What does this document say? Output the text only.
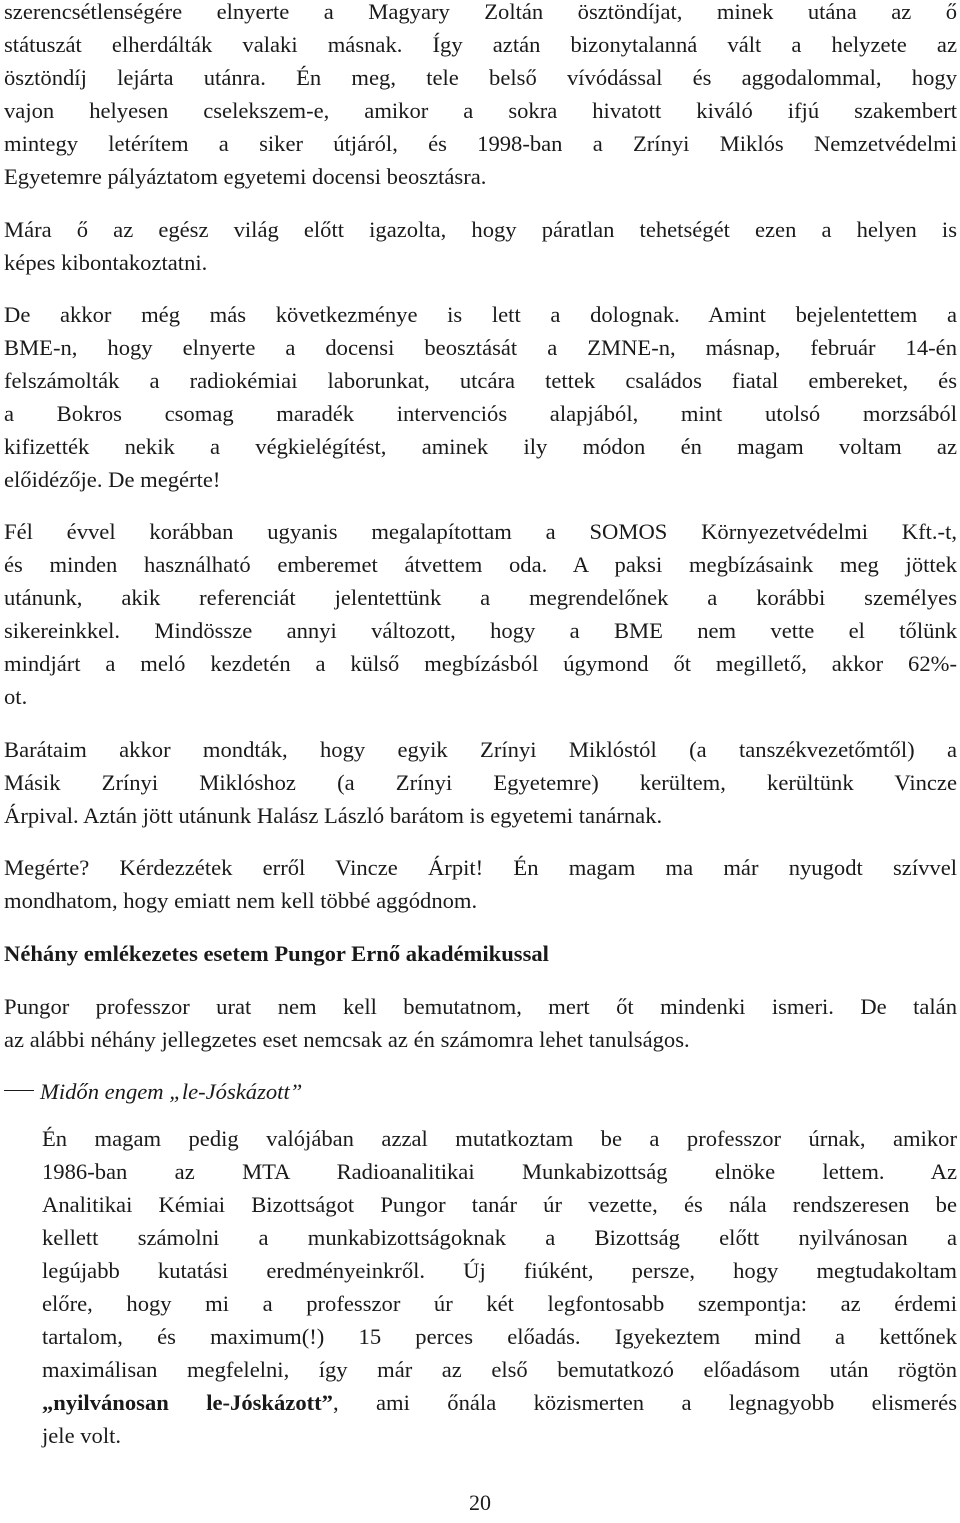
szerencsétlenségére elnyerte a Magyary Zoltán ösztöndíjat, minek utána az ő
státuszát elherdálták valaki másnak. Így aztán bizonytalanná vált a helyzete az
ösztöndíj lejárta utánra. Én meg, tele belső vívódással és aggodalommal, hogy
vajon helyesen cselekszem-e, amikor a sokra hivatott kiváló ifjú szakembert
mintegy letérítem a siker útjáról, és 1998-ban a Zrínyi Miklós Nemzetvédelmi
Egyetemre pályáztatom egyetemi docensi beosztásra.
Mára ő az egész világ előtt igazolta, hogy páratlan tehetségét ezen a helyen is
képes kibontakoztatni.
De akkor még más következménye is lett a dolognak. Amint bejelentettem a
BME-n, hogy elnyerte a docensi beosztását a ZMNE-n, másnap, február 14-én
felszámolták a radiokémiai laborunkat, utcára tettek családos fiatal embereket, és
a Bokros csomag maradék intervenciós alapjából, mint utolsó morzsából
kifizették nekik a végkielégítést, aminek ily módon én magam voltam az
előidézője. De megérte!
Fél évvel korábban ugyanis megalapítottam a SOMOS Környezetvédelmi Kft.-t,
és minden használható emberemet átvettem oda. A paksi megbízásaink meg jöttek
utánunk, akik referenciát jelentettünk a megrendelőnek a korábbi személyes
sikereinkkel. Mindössze annyi változott, hogy a BME nem vette el tőlünk
mindjárt a meló kezdetén a külső megbízásból úgymond őt megillető, akkor 62%-
ot.
Barátaim akkor mondták, hogy egyik Zrínyi Miklóstól (a tanszékvezetőmtől) a
Másik Zrínyi Miklóshoz (a Zrínyi Egyetemre) kerültem, kerültünk Vincze
Árpival. Aztán jött utánunk Halász László barátom is egyetemi tanárnak.
Megérte? Kérdezzétek erről Vincze Árpit! Én magam ma már nyugodt szívvel
mondhatom, hogy emiatt nem kell többé aggódnom.
Néhány emlékezetes esetem Pungor Ernő akadémikussal
Pungor professzor urat nem kell bemutatnom, mert őt mindenki ismeri. De talán
az alábbi néhány jellegzetes eset nemcsak az én számomra lehet tanulságos.
Midőn engem „le-Jóskázott”
Én magam pedig valójában azzal mutatkoztam be a professzor úrnak, amikor
1986-ban az MTA Radioanalitikai Munkabizottság elnöke lettem. Az
Analitikai Kémiai Bizottságot Pungor tanár úr vezette, és nála rendszeresen be
kellett számolni a munkabizottságoknak a Bizottság előtt nyilvánosan a
legújabb kutatási eredményeinkről. Új fiúként, persze, hogy megtudakoltam
előre, hogy mi a professzor úr két legfontosabb szempontja: az érdemi
tartalom, és maximum(!) 15 perces előadás. Igyekeztem mind a kettőnek
maximálisan megfelelni, így már az első bemutatkozó előadásom után rögtön
„nyilvánosan le-Jóskázott”, ami őnála közismerten a legnagyobb elismerés
jele volt.
20
